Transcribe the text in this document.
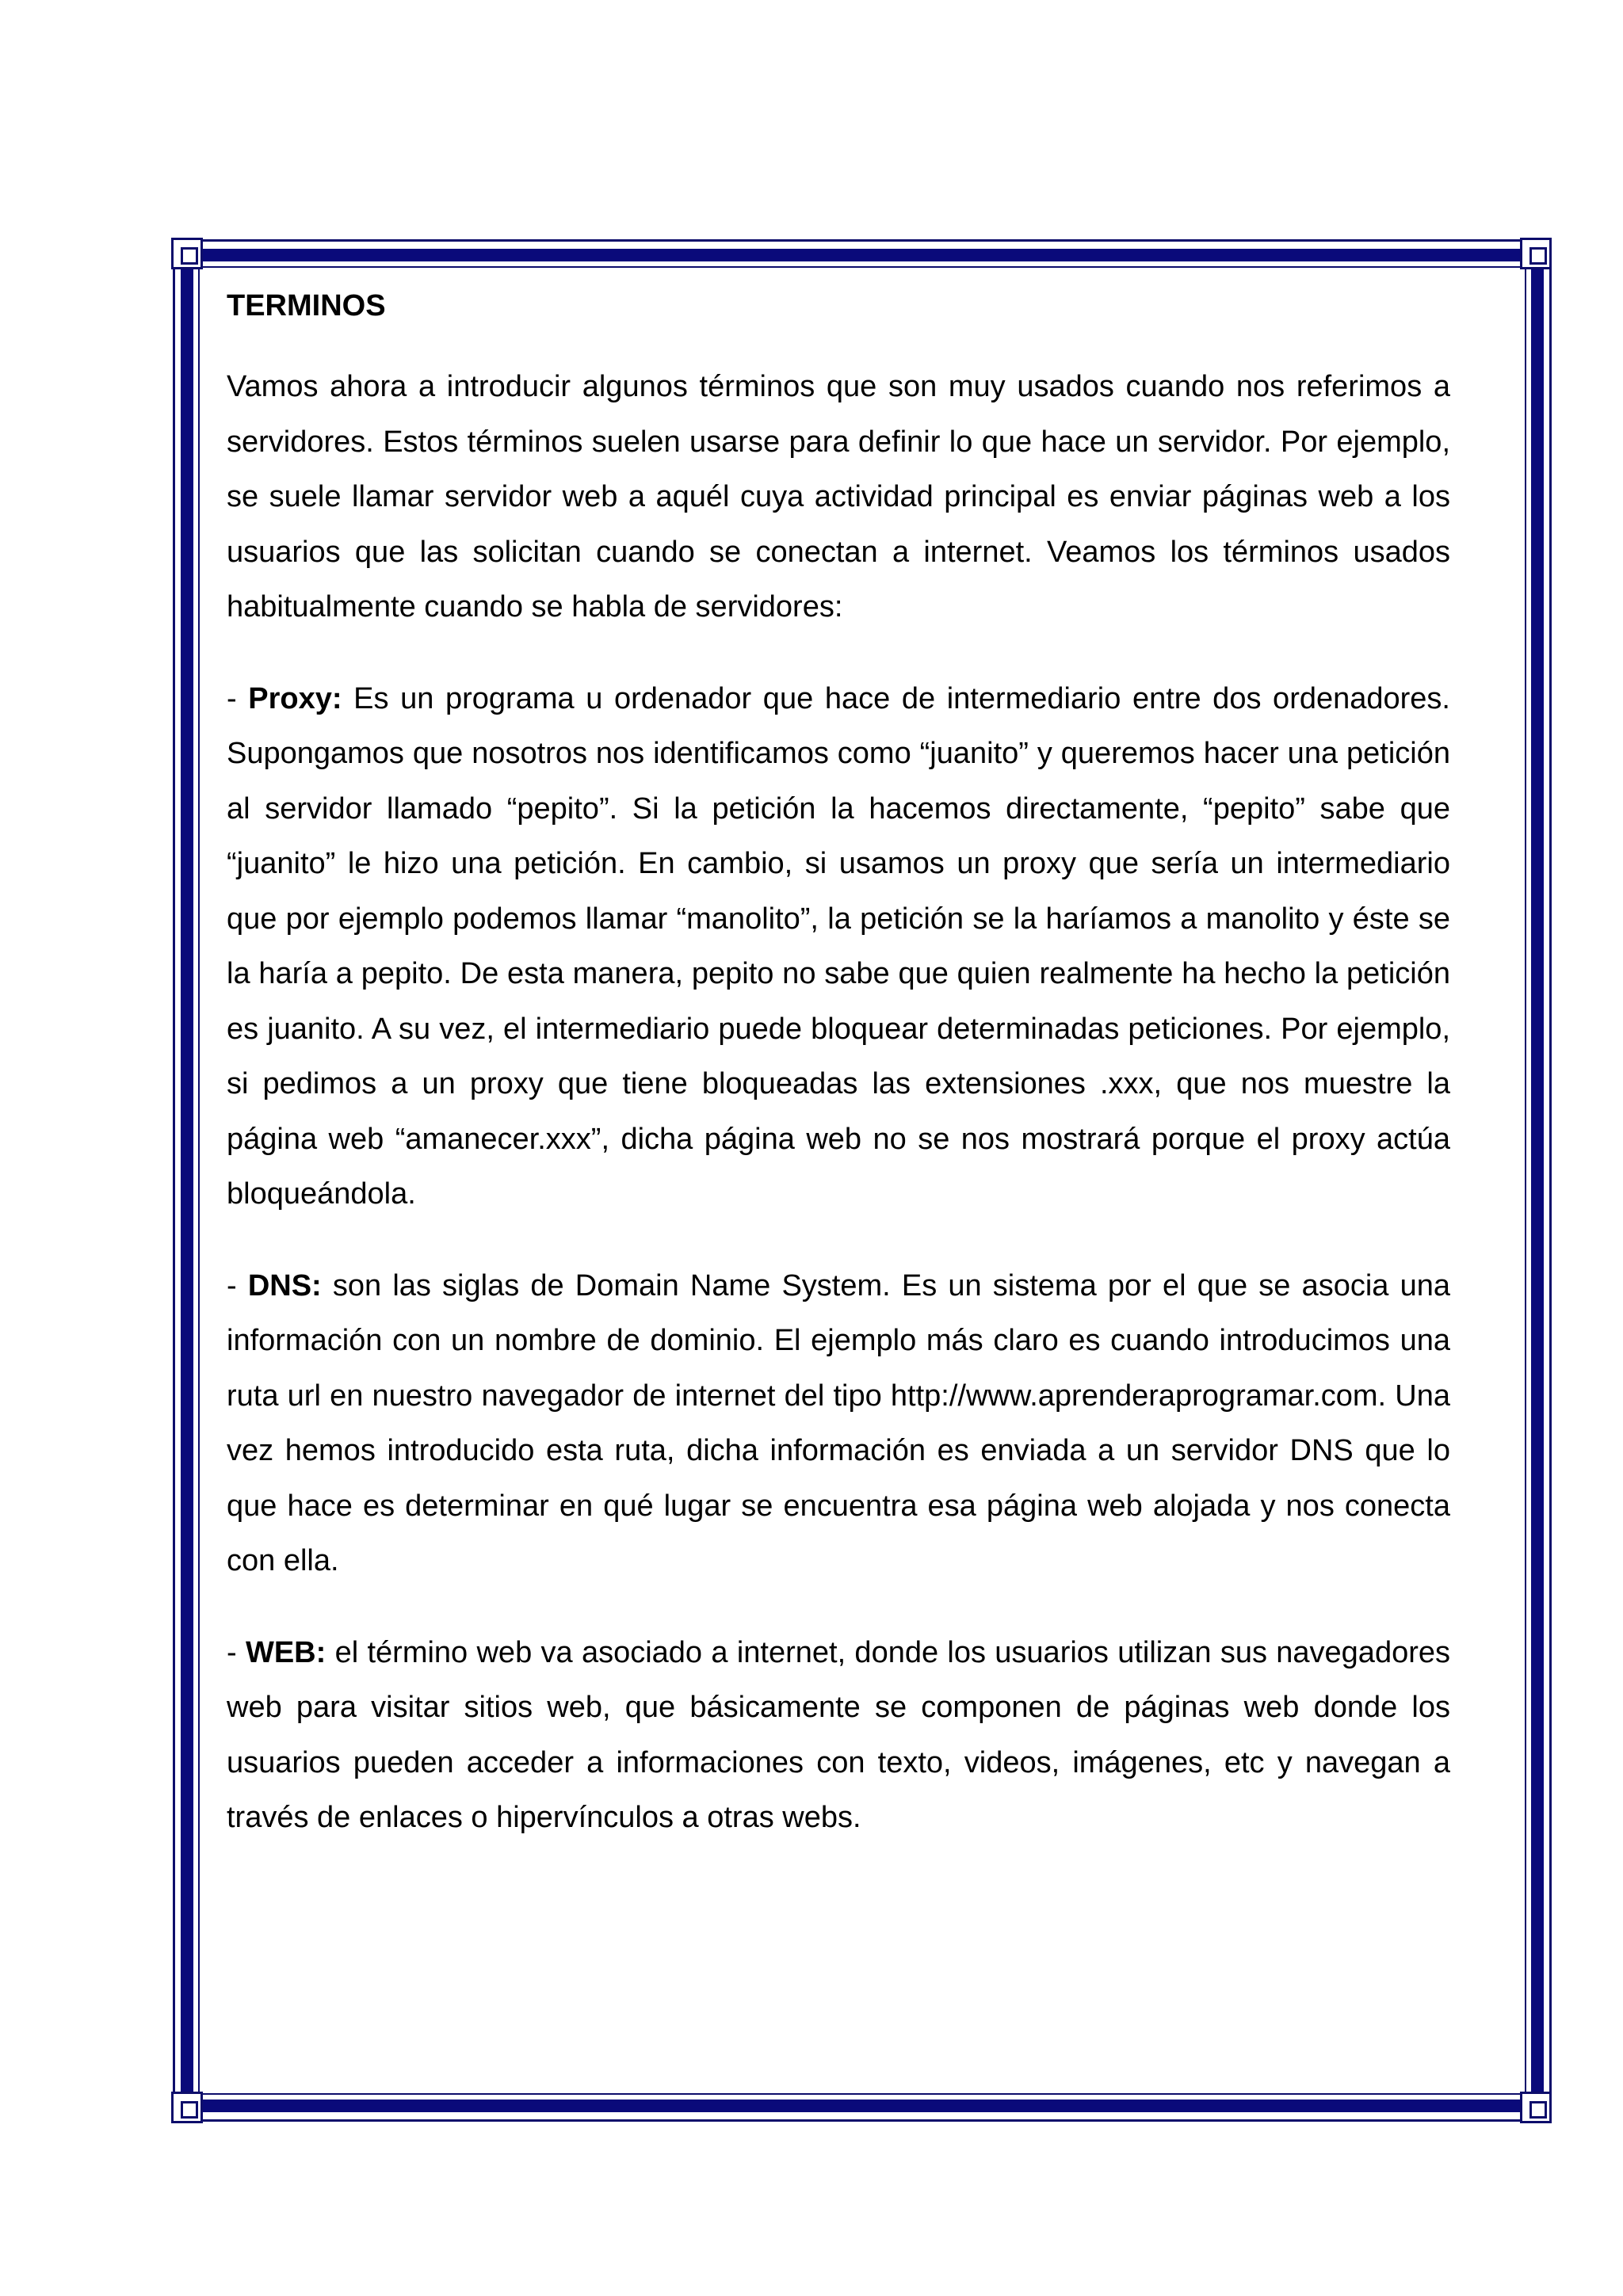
TERMINOS

Vamos ahora a introducir algunos términos que son muy usados cuando nos referimos a servidores. Estos términos suelen usarse para definir lo que hace un servidor. Por ejemplo, se suele llamar servidor web a aquél cuya actividad principal es enviar páginas web a los usuarios que las solicitan cuando se conectan a internet. Veamos los términos usados habitualmente cuando se habla de servidores:

- Proxy: Es un programa u ordenador que hace de intermediario entre dos ordenadores. Supongamos que nosotros nos identificamos como “juanito” y queremos hacer una petición al servidor llamado “pepito”. Si la petición la hacemos directamente, “pepito” sabe que “juanito” le hizo una petición. En cambio, si usamos un proxy que sería un intermediario que por ejemplo podemos llamar “manolito”, la petición se la haríamos a manolito y éste se la haría a pepito. De esta manera, pepito no sabe que quien realmente ha hecho la petición es juanito. A su vez, el intermediario puede bloquear determinadas peticiones. Por ejemplo, si pedimos a un proxy que tiene bloqueadas las extensiones .xxx, que nos muestre la página web “amanecer.xxx”, dicha página web no se nos mostrará porque el proxy actúa bloqueándola.

- DNS: son las siglas de Domain Name System. Es un sistema por el que se asocia una información con un nombre de dominio. El ejemplo más claro es cuando introducimos una ruta url en nuestro navegador de internet del tipo http://www.aprenderaprogramar.com. Una vez hemos introducido esta ruta, dicha información es enviada a un servidor DNS que lo que hace es determinar en qué lugar se encuentra esa página web alojada y nos conecta con ella.

- WEB: el término web va asociado a internet, donde los usuarios utilizan sus navegadores web para visitar sitios web, que básicamente se componen de páginas web donde los usuarios pueden acceder a informaciones con texto, videos, imágenes, etc y navegan a través de enlaces o hipervínculos a otras webs.
